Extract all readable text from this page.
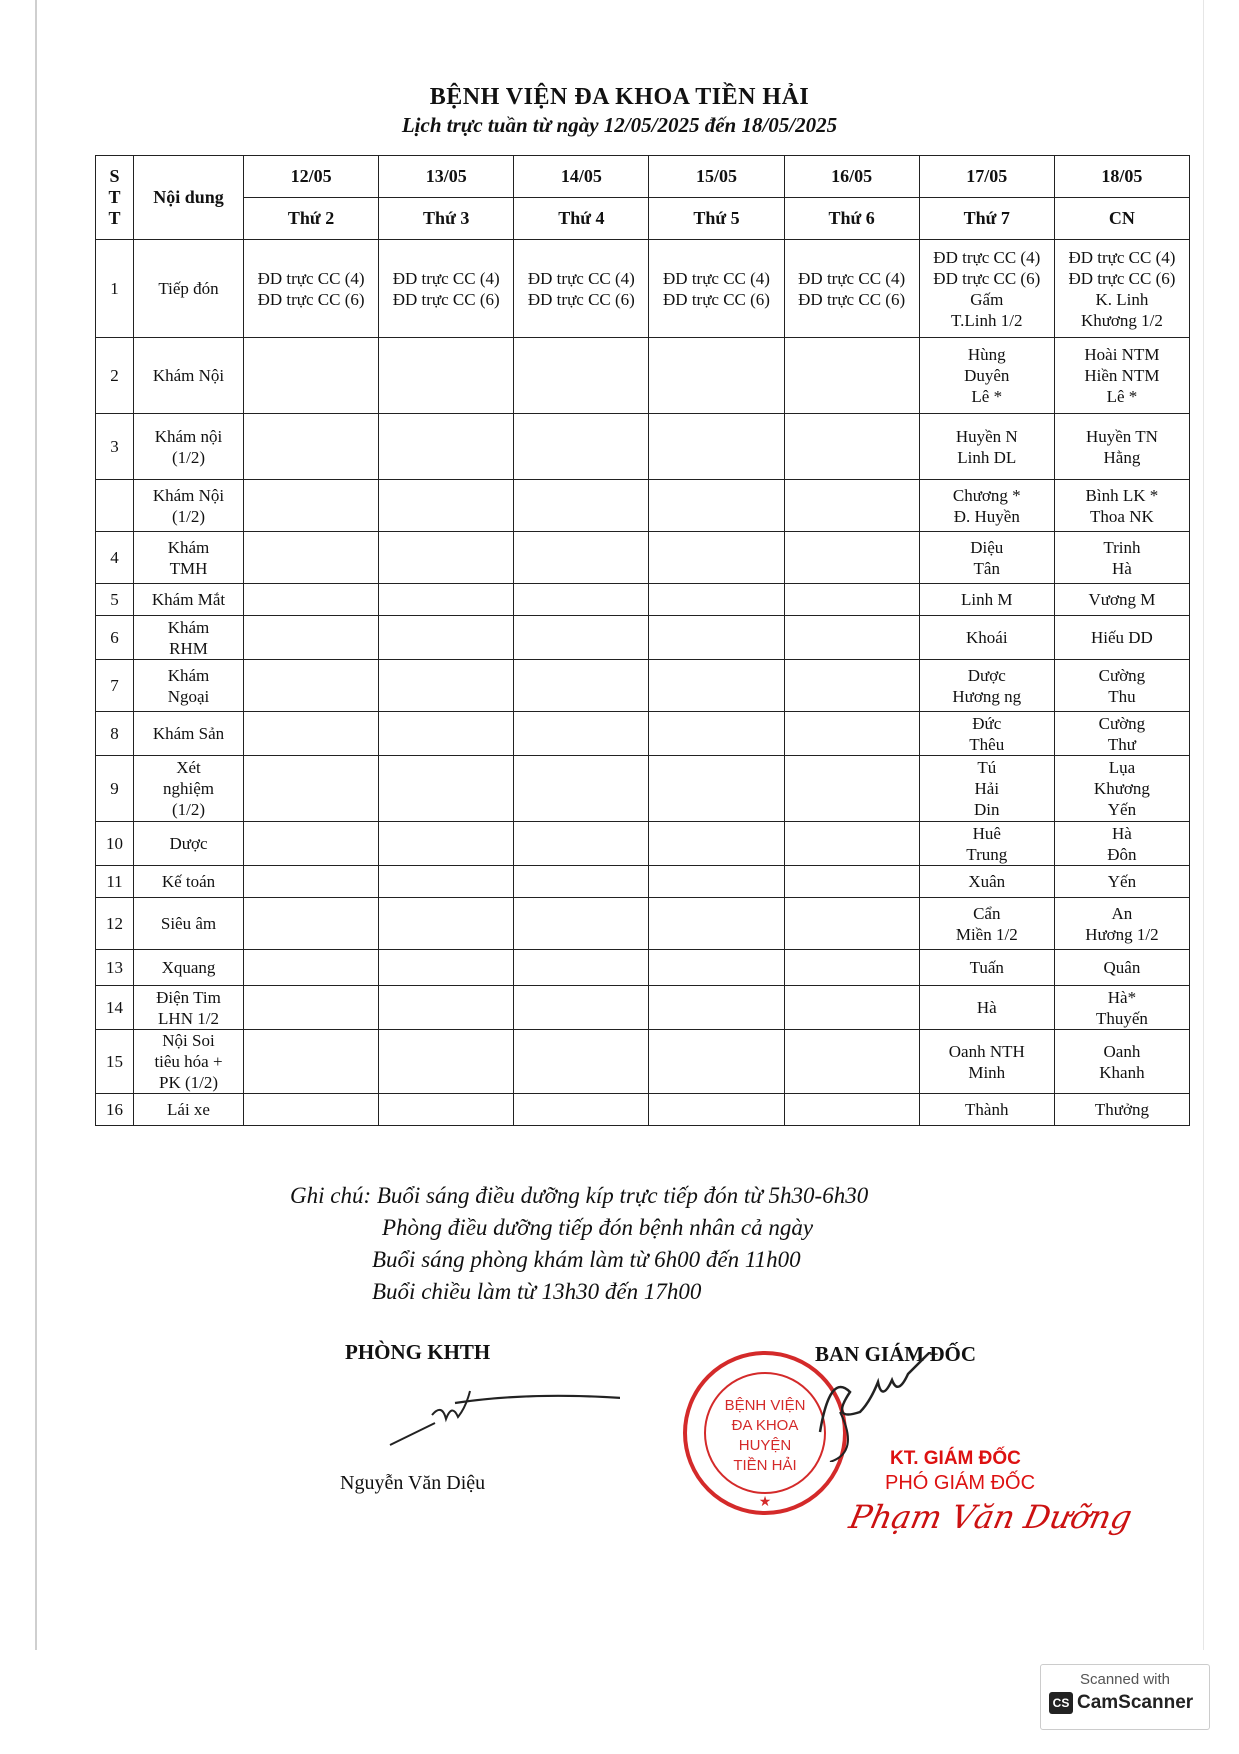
BỆNH VIỆN ĐA KHOA TIỀN HẢI
Lịch trực tuần từ ngày 12/05/2025 đến 18/05/2025
S
T
T	Nội dung	12/05	13/05	14/05	15/05	16/05	17/05	18/05
		Thứ 2	Thứ 3	Thứ 4	Thứ 5	Thứ 6	Thứ 7	CN
1	Tiếp đón	ĐD trực CC (4)
ĐD trực CC (6)	ĐD trực CC (4)
ĐD trực CC (6)	ĐD trực CC (4)
ĐD trực CC (6)	ĐD trực CC (4)
ĐD trực CC (6)	ĐD trực CC (4)
ĐD trực CC (6)	ĐD trực CC (4)
ĐD trực CC (6)
Gấm
T.Linh 1/2	ĐD trực CC (4)
ĐD trực CC (6)
K. Linh
Khương 1/2

2	Khám Nội						Hùng
Duyên
Lê *	Hoài NTM
Hiền NTM
Lê *

3	Khám nội
(1/2)						Huyền N
Linh DL	Huyền TN
Hằng

	Khám Nội
(1/2)						Chương *
Đ. Huyền	Bình LK *
Thoa NK

4	Khám
TMH						Diệu
Tân	Trinh
Hà

5	Khám Mắt						Linh M	Vương M

6	Khám
RHM						Khoái	Hiếu DD

7	Khám
Ngoại						Dược
Hương ng	Cường
Thu

8	Khám Sản						Đức
Thêu	Cường
Thư

9	Xét
nghiệm
(1/2)						Tú
Hải
Din	Lụa
Khương
Yến

10	Dược						Huê
Trung	Hà
Đôn

11	Kế toán						Xuân	Yến

12	Siêu âm						Cẩn
Miền 1/2	An
Hương 1/2

13	Xquang						Tuấn	Quân

14	Điện Tim
LHN 1/2						Hà	Hà*
Thuyến

15	Nội Soi
tiêu hóa +
PK (1/2)						Oanh NTH
Minh	Oanh
Khanh

16	Lái xe						Thành	Thưởng
Ghi chú: Buổi sáng điều dưỡng kíp trực tiếp đón từ 5h30-6h30
Phòng điều dưỡng tiếp đón bệnh nhân cả ngày
Buổi sáng phòng khám làm từ 6h00 đến 11h00
Buổi chiều làm từ 13h30 đến 17h00
PHÒNG KHTH
Nguyễn Văn Diệu
BAN GIÁM ĐỐC
BỆNH VIỆN
ĐA KHOA
HUYỆN
TIỀN HẢI
★
KT. GIÁM ĐỐC
PHÓ GIÁM ĐỐC
Phạm Văn Dưỡng
Scanned with
CS CamScanner
